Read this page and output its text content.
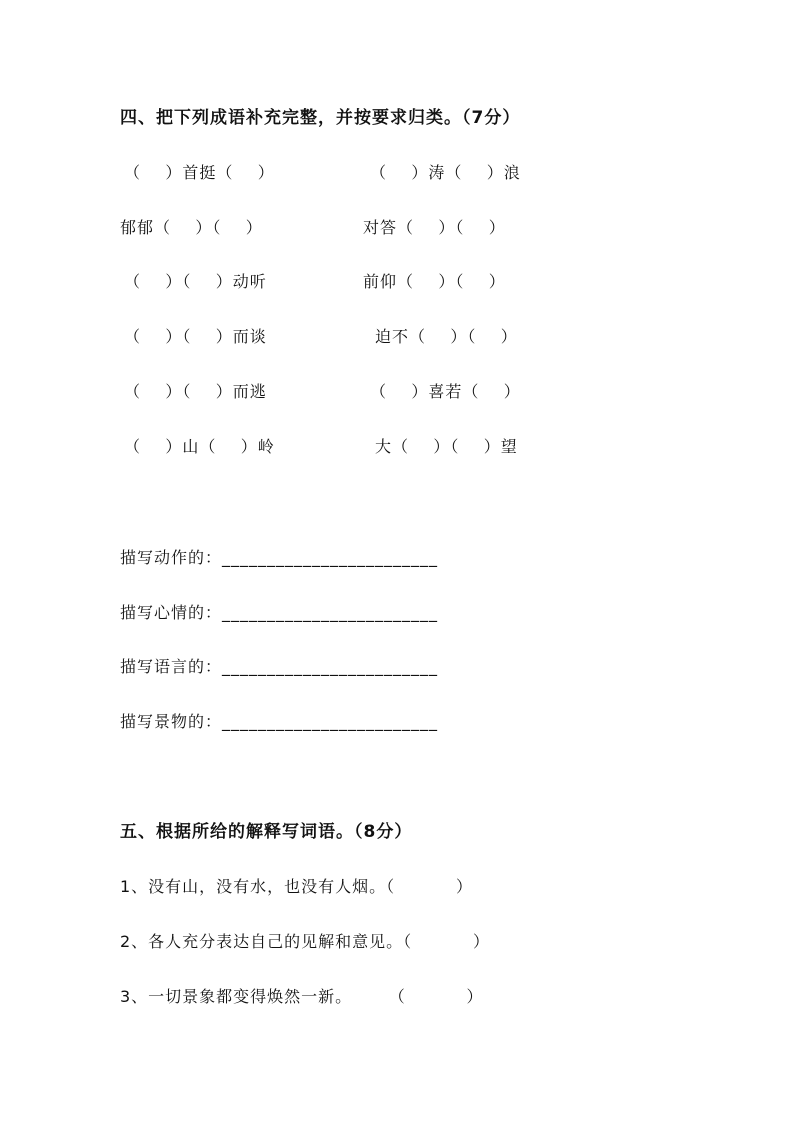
四、把下列成语补充完整，并按要求归类。（7分）
（    ）首挺（    ）	（    ）涛（    ）浪
郁郁（    ）（    ）	对答（    ）（    ）
（    ）（    ）动听	前仰（    ）（    ）
（    ）（    ）而谈	迫不（    ）（    ）
（    ）（    ）而逃	（    ）喜若（    ）
（    ）山（    ）岭	大（    ）（    ）望
描写动作的：________________________
描写心情的：________________________
描写语言的：________________________
描写景物的：________________________
五、根据所给的解释写词语。（8分）
1、没有山，没有水，也没有人烟。（          ）
2、各人充分表达自己的见解和意见。（          ）
3、一切景象都变得焕然一新。      （          ）
